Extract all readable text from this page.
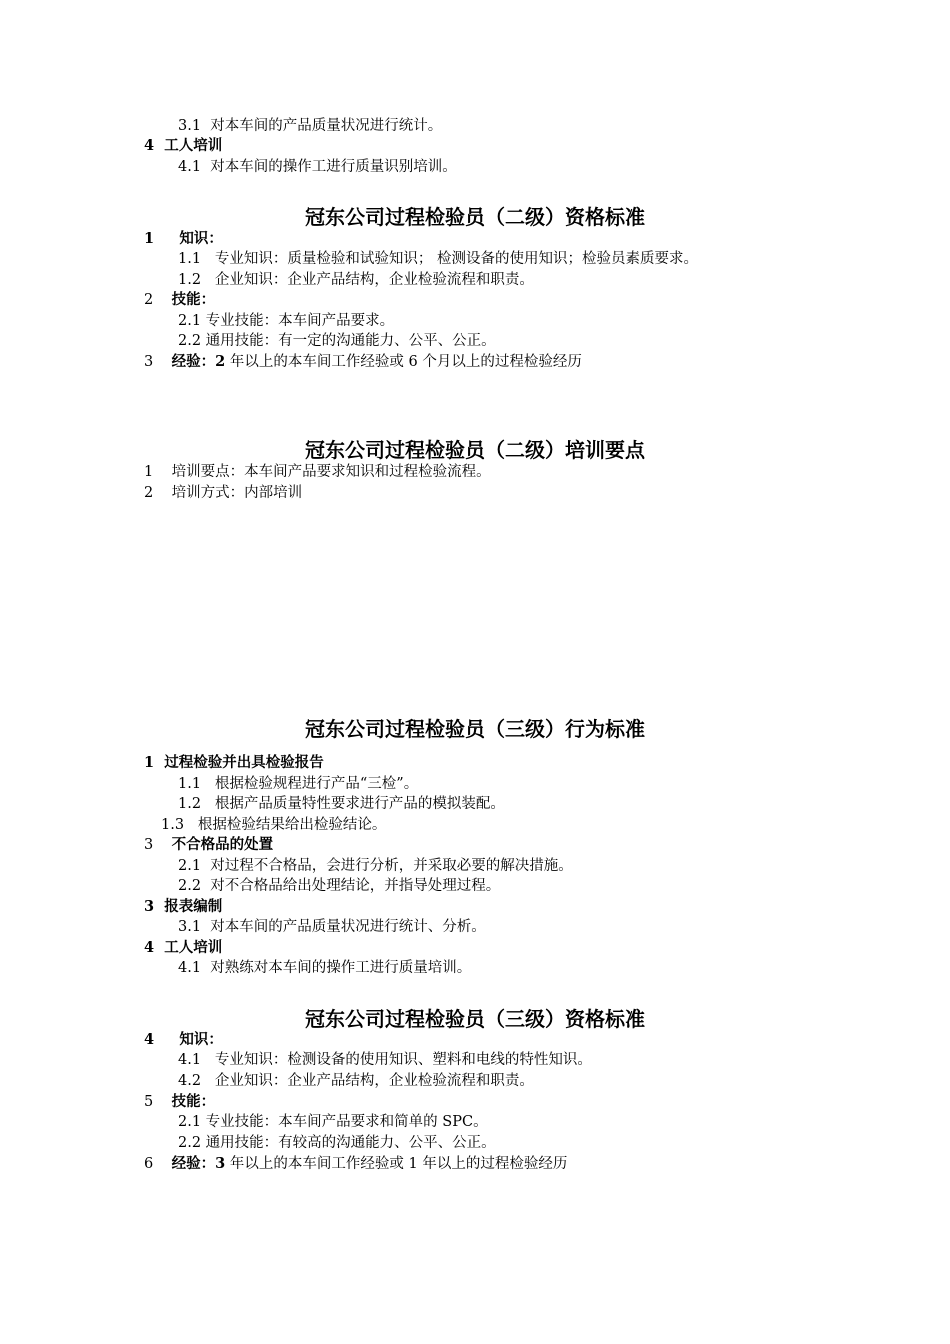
3.1 对本车间的产品质量状况进行统计。
4 工人培训
4.1 对本车间的操作工进行质量识别培训。
冠东公司过程检验员（二级）资格标准
1 知识：
1.1 专业知识：质量检验和试验知识； 检测设备的使用知识；检验员素质要求。
1.2 企业知识：企业产品结构，企业检验流程和职责。
2 技能：
2.1 专业技能：本车间产品要求。
2.2 通用技能：有一定的沟通能力、公平、公正。
3 经验：2 年以上的本车间工作经验或 6 个月以上的过程检验经历
冠东公司过程检验员（二级）培训要点
1 培训要点：本车间产品要求知识和过程检验流程。
2 培训方式：内部培训
冠东公司过程检验员（三级）行为标准
1 过程检验并出具检验报告
1.1 根据检验规程进行产品“三检”。
1.2 根据产品质量特性要求进行产品的模拟装配。
1.3 根据检验结果给出检验结论。
3 不合格品的处置
2.1 对过程不合格品，会进行分析，并采取必要的解决措施。
2.2 对不合格品给出处理结论，并指导处理过程。
3 报表编制
3.1 对本车间的产品质量状况进行统计、分析。
4 工人培训
4.1 对熟练对本车间的操作工进行质量培训。
冠东公司过程检验员（三级）资格标准
4 知识：
4.1 专业知识：检测设备的使用知识、塑料和电线的特性知识。
4.2 企业知识：企业产品结构，企业检验流程和职责。
5 技能：
2.1 专业技能：本车间产品要求和简单的 SPC。
2.2 通用技能：有较高的沟通能力、公平、公正。
6 经验：3 年以上的本车间工作经验或 1 年以上的过程检验经历
